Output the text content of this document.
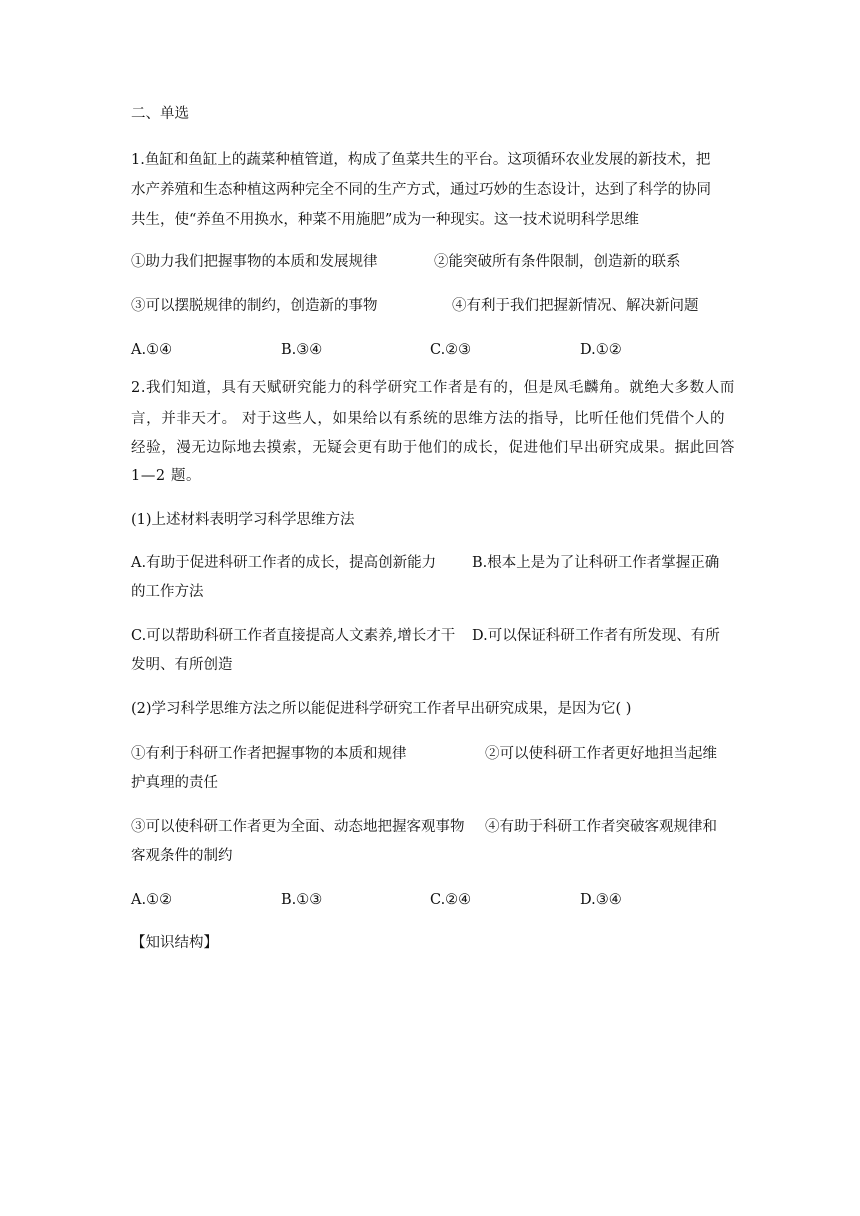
二、单选
1.鱼缸和鱼缸上的蔬菜种植管道，构成了鱼菜共生的平台。这项循环农业发展的新技术，把
水产养殖和生态种植这两种完全不同的生产方式，通过巧妙的生态设计，达到了科学的协同
共生，使“养鱼不用换水，种菜不用施肥”成为一种现实。这一技术说明科学思维
①助力我们把握事物的本质和发展规律	②能突破所有条件限制，创造新的联系
③可以摆脱规律的制约，创造新的事物	④有利于我们把握新情况、解决新问题
A.①④	B.③④	C.②③	D.①②
2.我们知道，具有天赋研究能力的科学研究工作者是有的，但是凤毛麟角。就绝大多数人而
言，并非天才。 对于这些人，如果给以有系统的思维方法的指导，比听任他们凭借个人的
经验，漫无边际地去摸索，无疑会更有助于他们的成长，促进他们早出研究成果。据此回答
1—2 题。
(1)上述材料表明学习科学思维方法
A.有助于促进科研工作者的成长，提高创新能力 B.根本上是为了让科研工作者掌握正确
的工作方法
C.可以帮助科研工作者直接提高人文素养,增长才干 D.可以保证科研工作者有所发现、有所
发明、有所创造
(2)学习科学思维方法之所以能促进科学研究工作者早出研究成果，是因为它( )
①有利于科研工作者把握事物的本质和规律	②可以使科研工作者更好地担当起维
护真理的责任
③可以使科研工作者更为全面、动态地把握客观事物 ④有助于科研工作者突破客观规律和
客观条件的制约
A.①②	B.①③	C.②④	D.③④
【知识结构】
